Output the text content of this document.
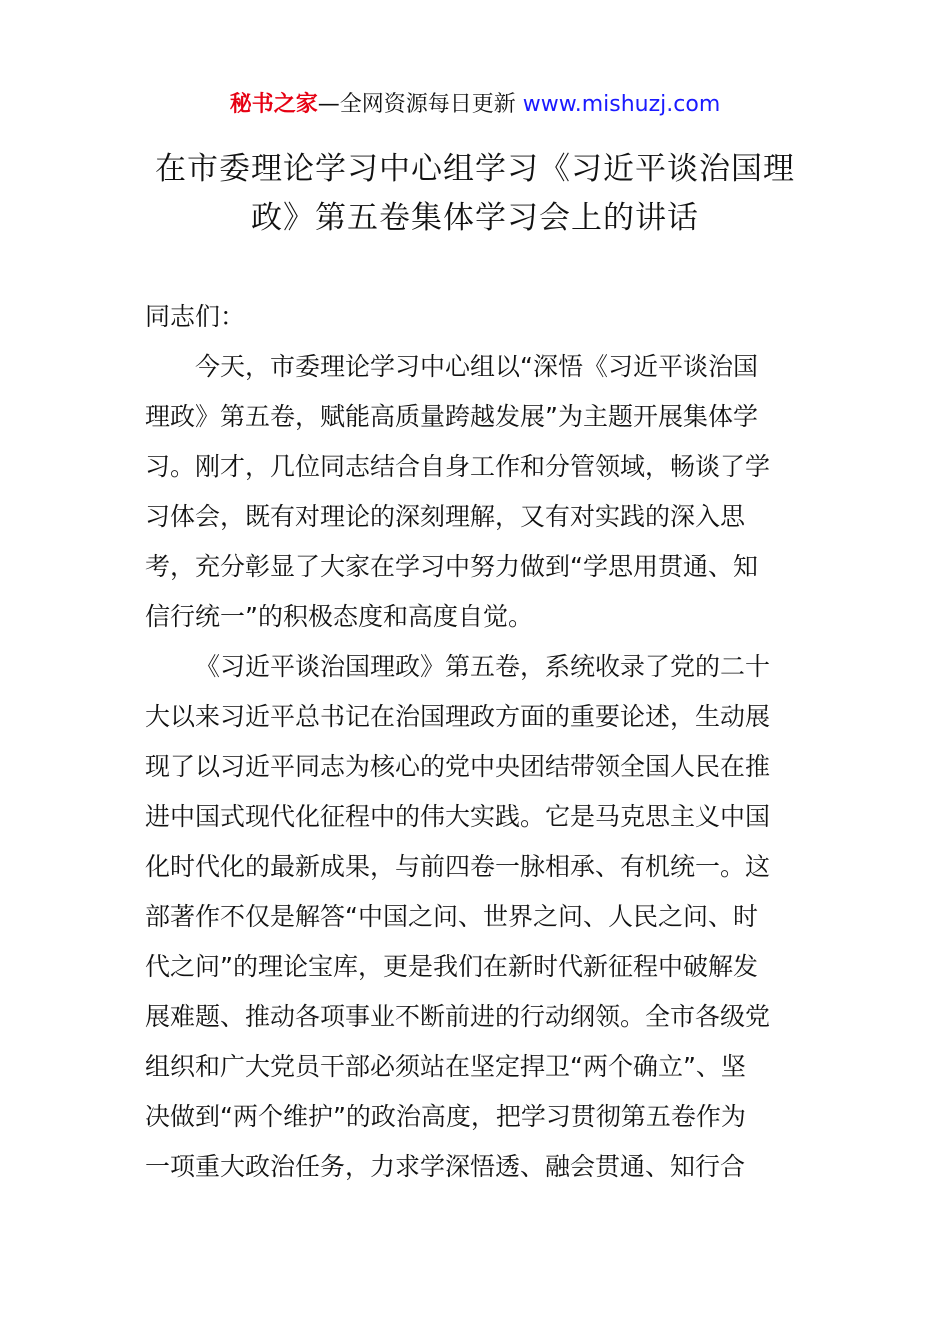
秘书之家—全网资源每日更新 www.mishuzj.com
在市委理论学习中心组学习《习近平谈治国理
政》第五卷集体学习会上的讲话
同志们：
今天，市委理论学习中心组以“深悟《习近平谈治国
理政》第五卷，赋能高质量跨越发展”为主题开展集体学
习。刚才，几位同志结合自身工作和分管领域，畅谈了学
习体会，既有对理论的深刻理解，又有对实践的深入思
考，充分彰显了大家在学习中努力做到“学思用贯通、知
信行统一”的积极态度和高度自觉。
《习近平谈治国理政》第五卷，系统收录了党的二十
大以来习近平总书记在治国理政方面的重要论述，生动展
现了以习近平同志为核心的党中央团结带领全国人民在推
进中国式现代化征程中的伟大实践。它是马克思主义中国
化时代化的最新成果，与前四卷一脉相承、有机统一。这
部著作不仅是解答“中国之问、世界之问、人民之问、时
代之问”的理论宝库，更是我们在新时代新征程中破解发
展难题、推动各项事业不断前进的行动纲领。全市各级党
组织和广大党员干部必须站在坚定捍卫“两个确立”、坚
决做到“两个维护”的政治高度，把学习贯彻第五卷作为
一项重大政治任务，力求学深悟透、融会贯通、知行合
